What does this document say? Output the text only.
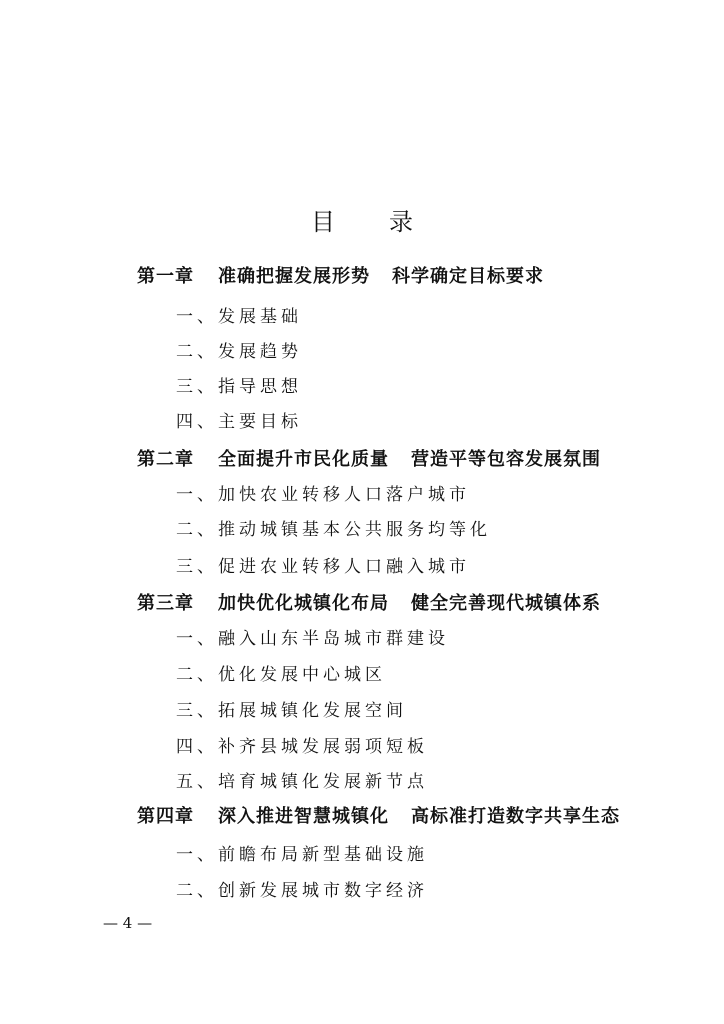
目 录
第一章 准确把握发展形势 科学确定目标要求
一、发展基础
二、发展趋势
三、指导思想
四、主要目标
第二章 全面提升市民化质量 营造平等包容发展氛围
一、加快农业转移人口落户城市
二、推动城镇基本公共服务均等化
三、促进农业转移人口融入城市
第三章 加快优化城镇化布局 健全完善现代城镇体系
一、融入山东半岛城市群建设
二、优化发展中心城区
三、拓展城镇化发展空间
四、补齐县城发展弱项短板
五、培育城镇化发展新节点
第四章 深入推进智慧城镇化 高标准打造数字共享生态
一、前瞻布局新型基础设施
二、创新发展城市数字经济
— 4 —
